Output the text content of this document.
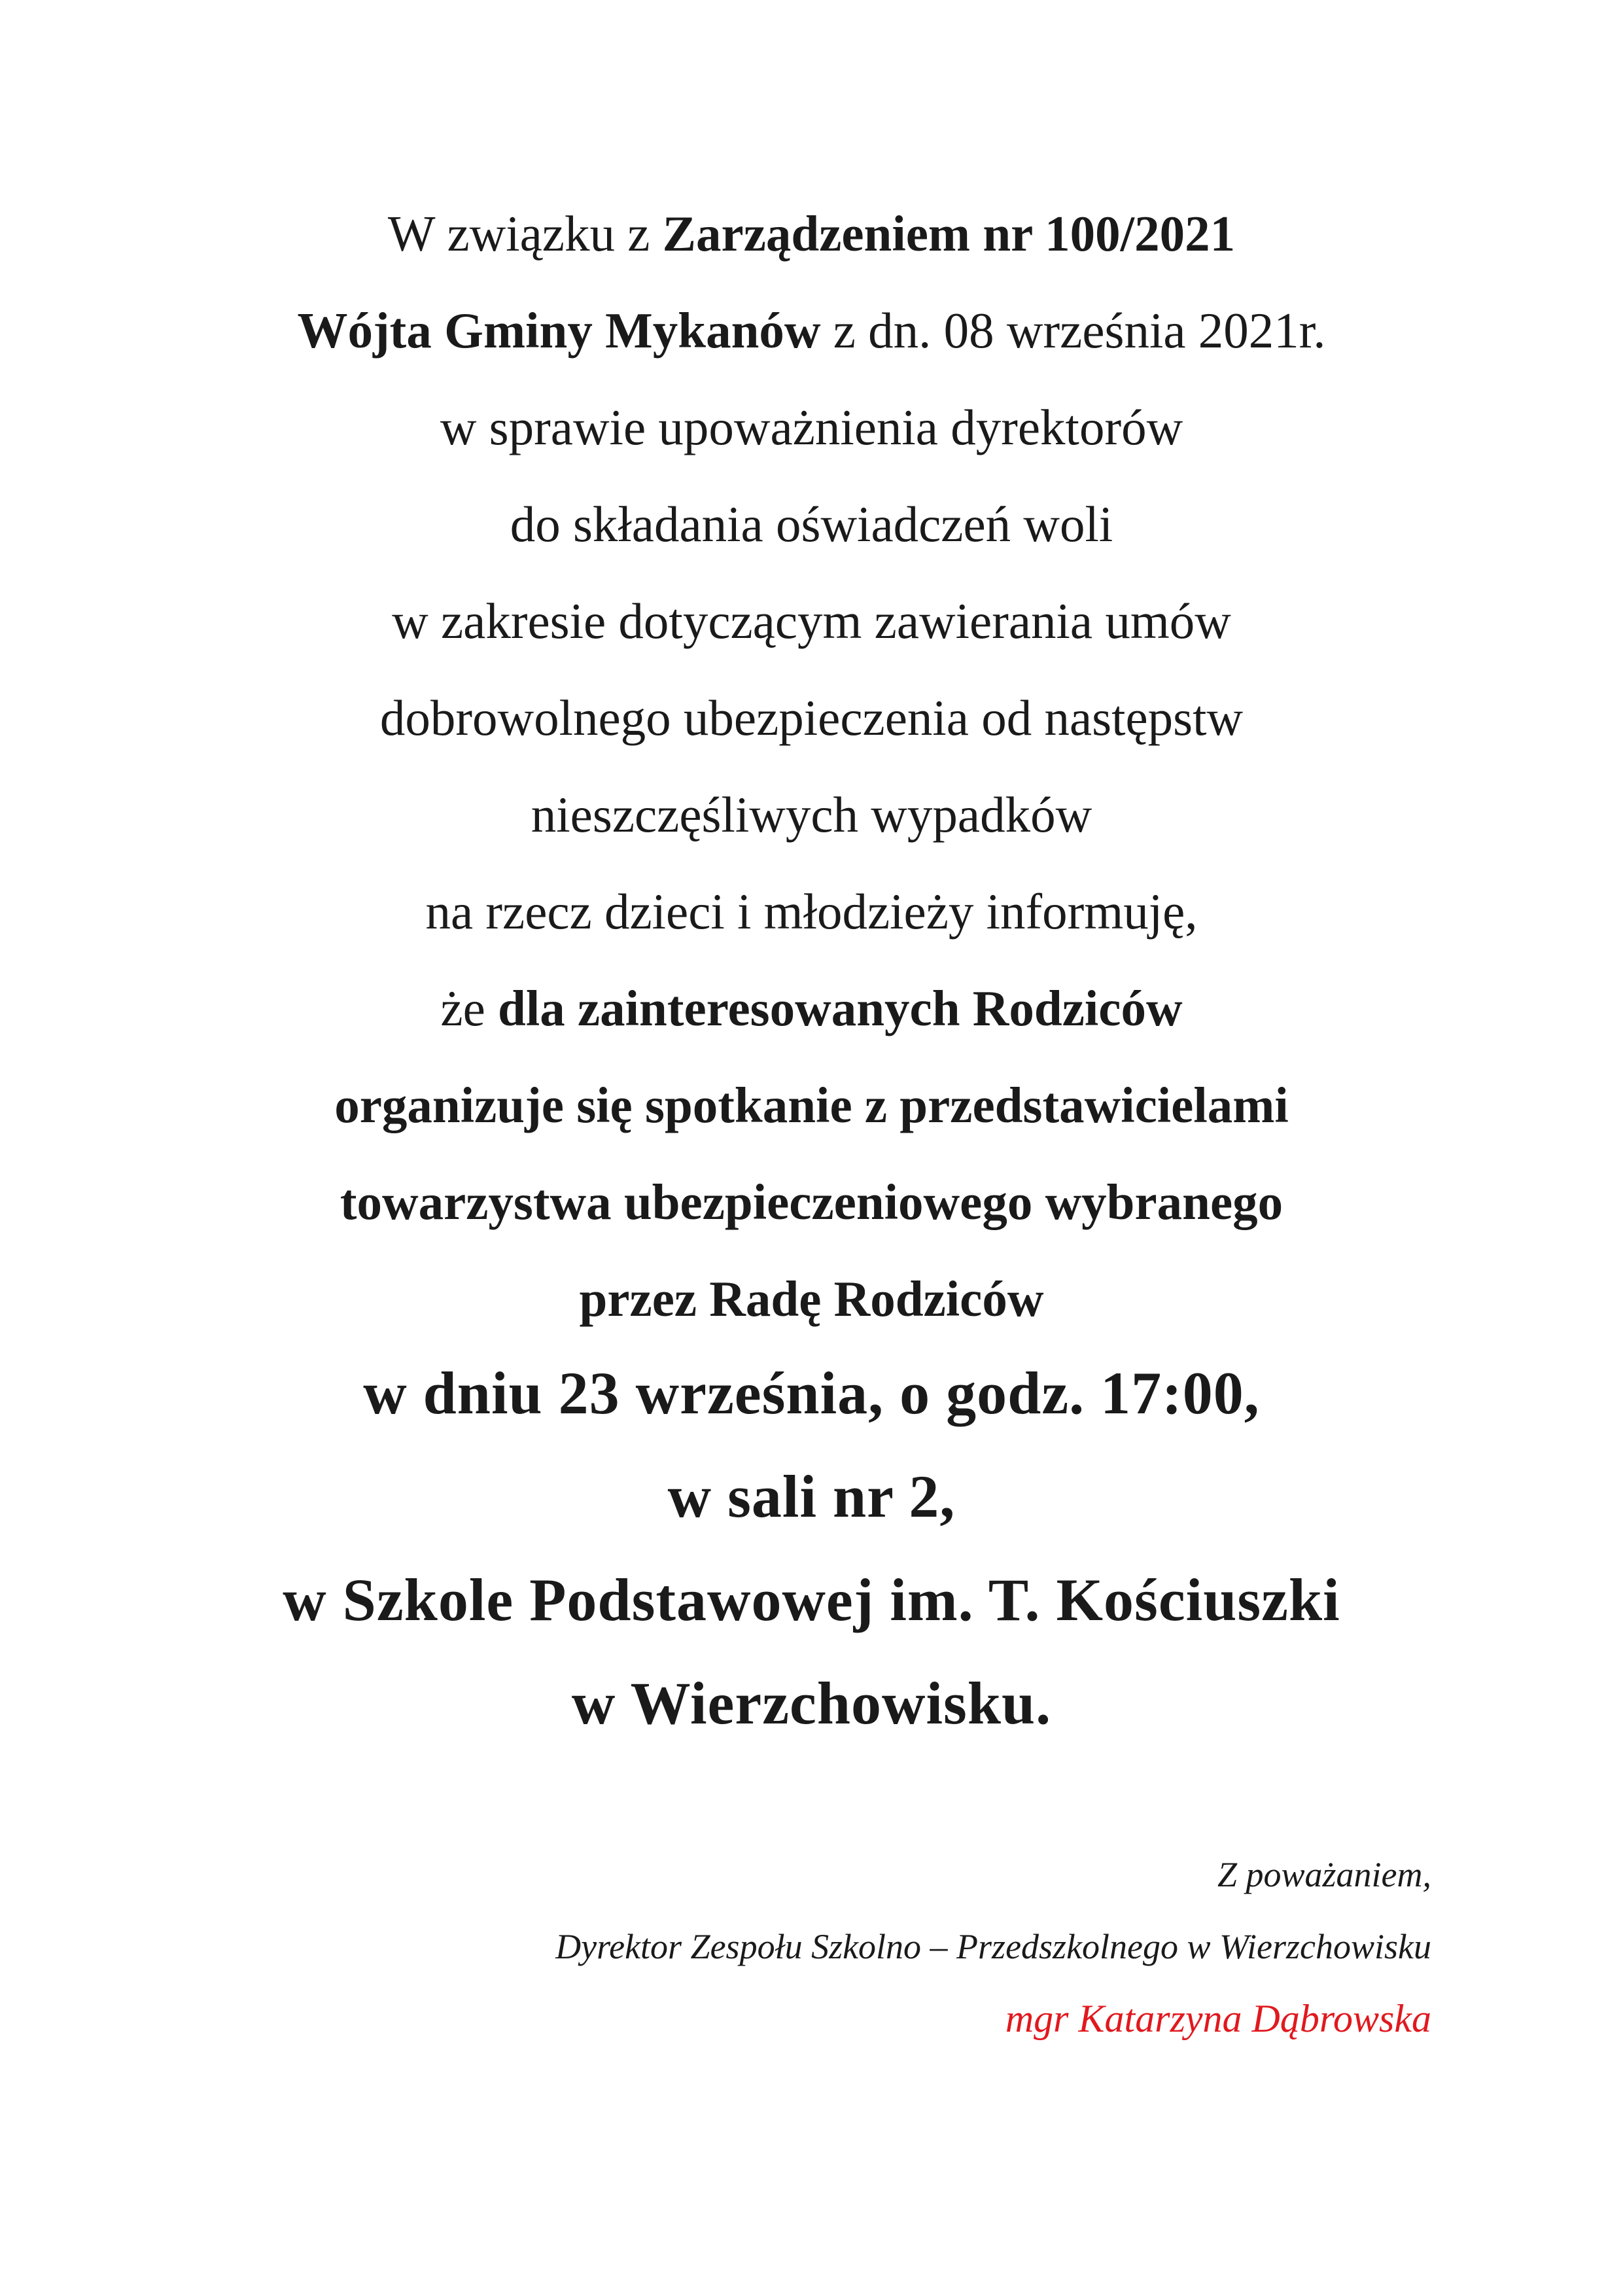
W związku z Zarządzeniem nr 100/2021
Wójta Gminy Mykanów z dn. 08 września 2021r.
w sprawie upoważnienia dyrektorów
do składania oświadczeń woli
w zakresie dotyczącym zawierania umów
dobrowolnego ubezpieczenia od następstw
nieszczęśliwych wypadków
na rzecz dzieci i młodzieży informuję,
że dla zainteresowanych Rodziców
organizuje się spotkanie z przedstawicielami
towarzystwa ubezpieczeniowego wybranego
przez Radę Rodziców
w dniu 23 września, o godz. 17:00,
w sali nr 2,
w Szkole Podstawowej im. T. Kościuszki
w Wierzchowisku.
Z poważaniem,
Dyrektor Zespołu Szkolno – Przedszkolnego w Wierzchowisku
mgr Katarzyna Dąbrowska
